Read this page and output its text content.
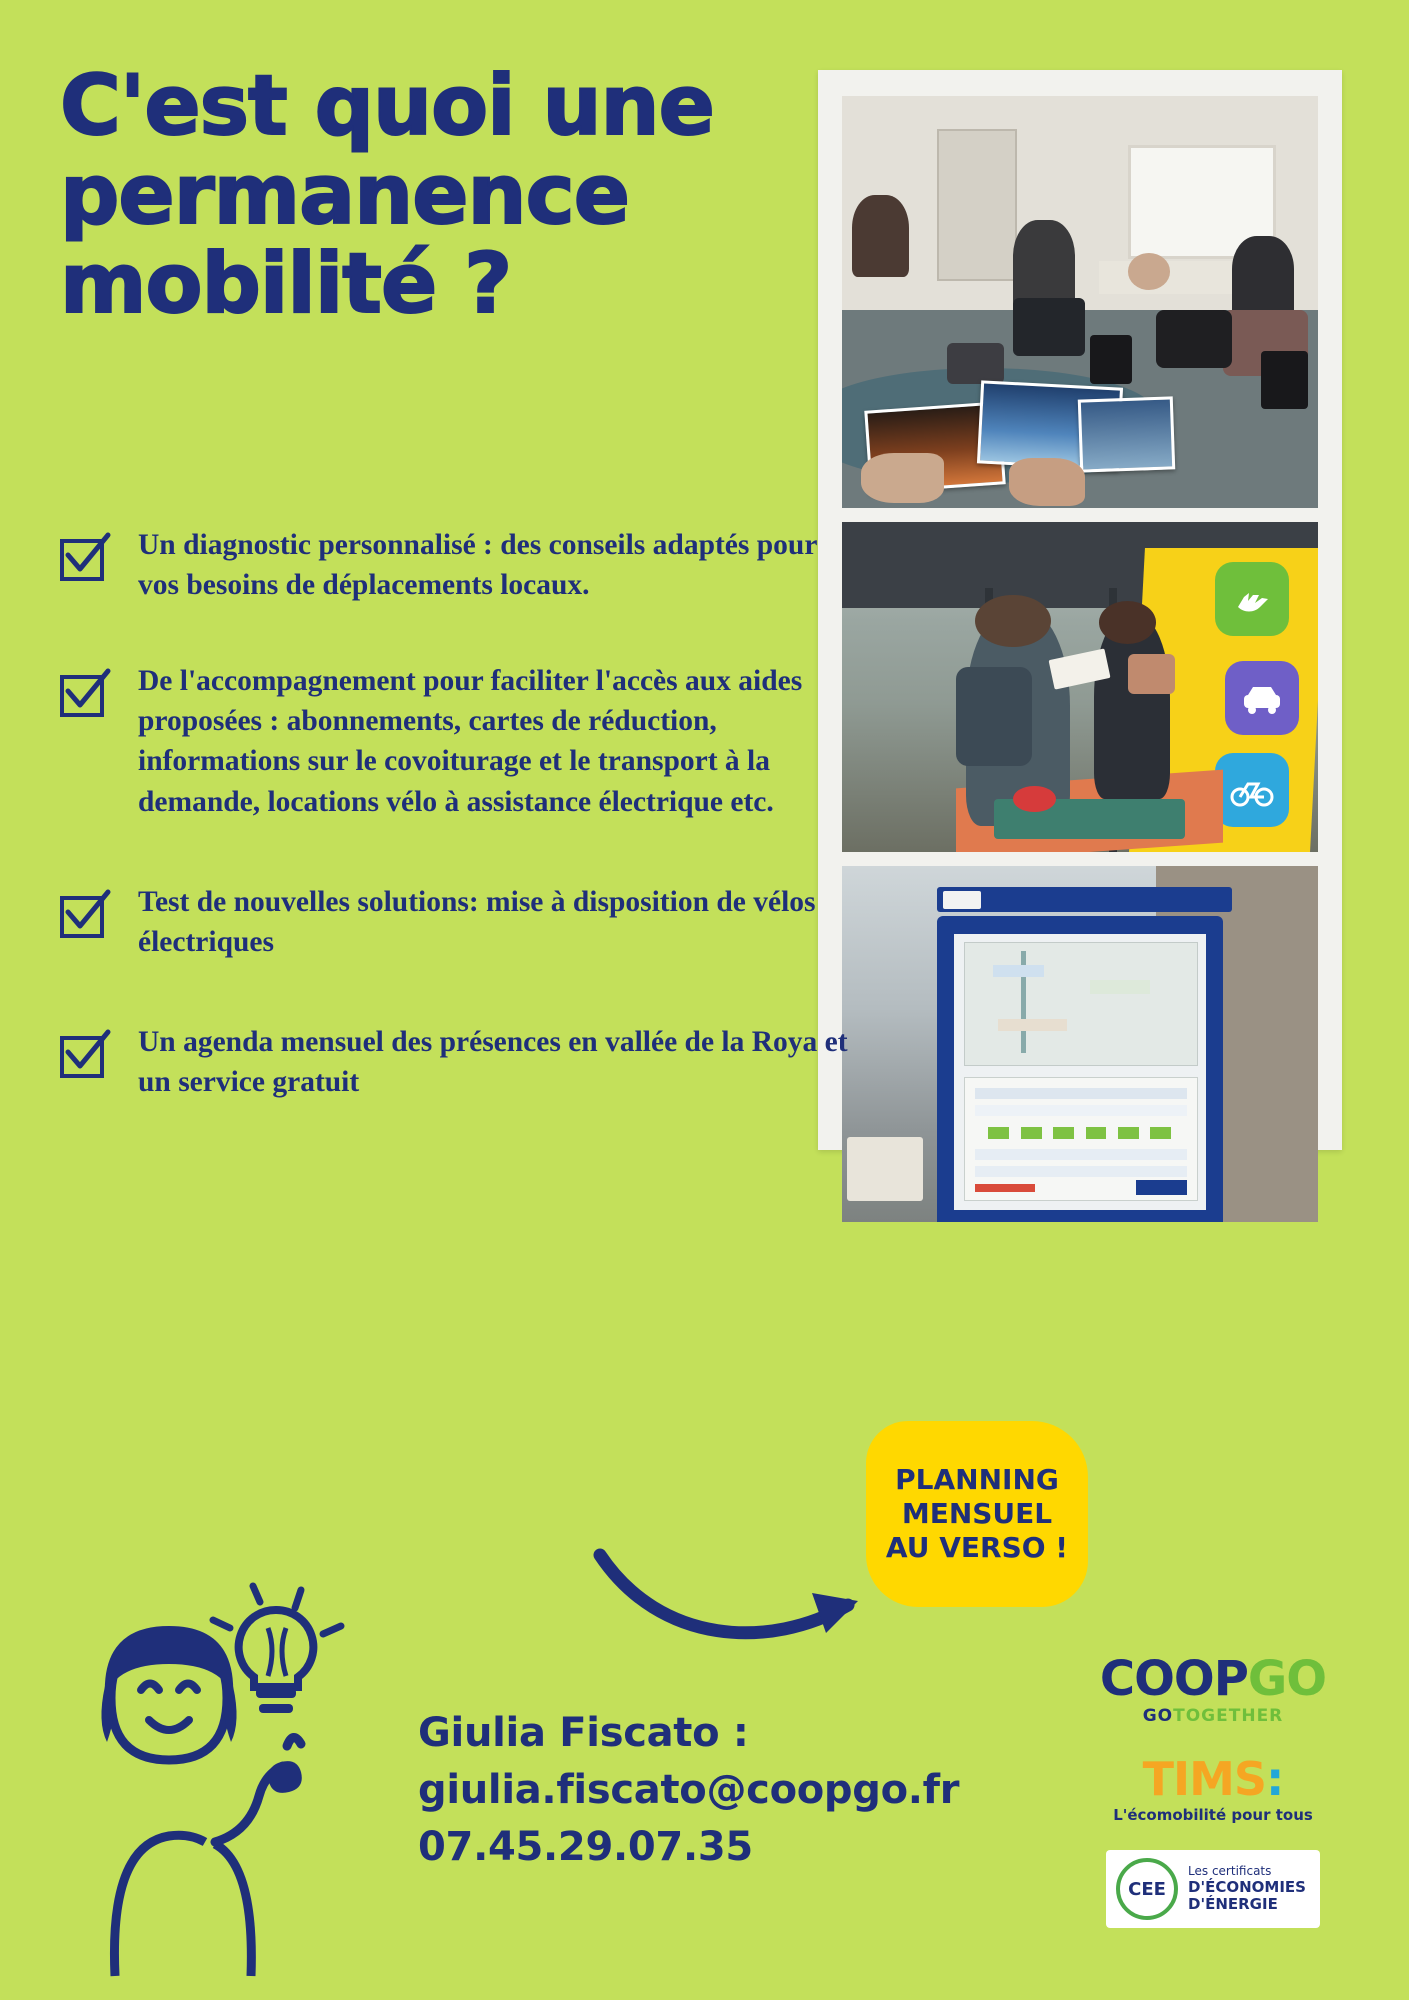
C'est quoi une permanence mobilité ?
Un diagnostic personnalisé : des conseils adaptés pour vos besoins de déplacements locaux.
De l'accompagnement pour faciliter l'accès aux aides proposées : abonnements, cartes de réduction, informations sur le covoiturage et le transport à la demande, locations vélo à assistance électrique etc.
Test de nouvelles solutions: mise à disposition de vélos électriques
Un agenda mensuel des présences en vallée de la Roya et un service gratuit
PLANNING MENSUEL AU VERSO !
Giulia Fiscato :
giulia.fiscato@coopgo.fr
07.45.29.07.35
COOPGO
GOTOGETHER
TIMS:
L'écomobilité pour tous
CEE
Les certificats
D'ÉCONOMIES
D'ÉNERGIE
